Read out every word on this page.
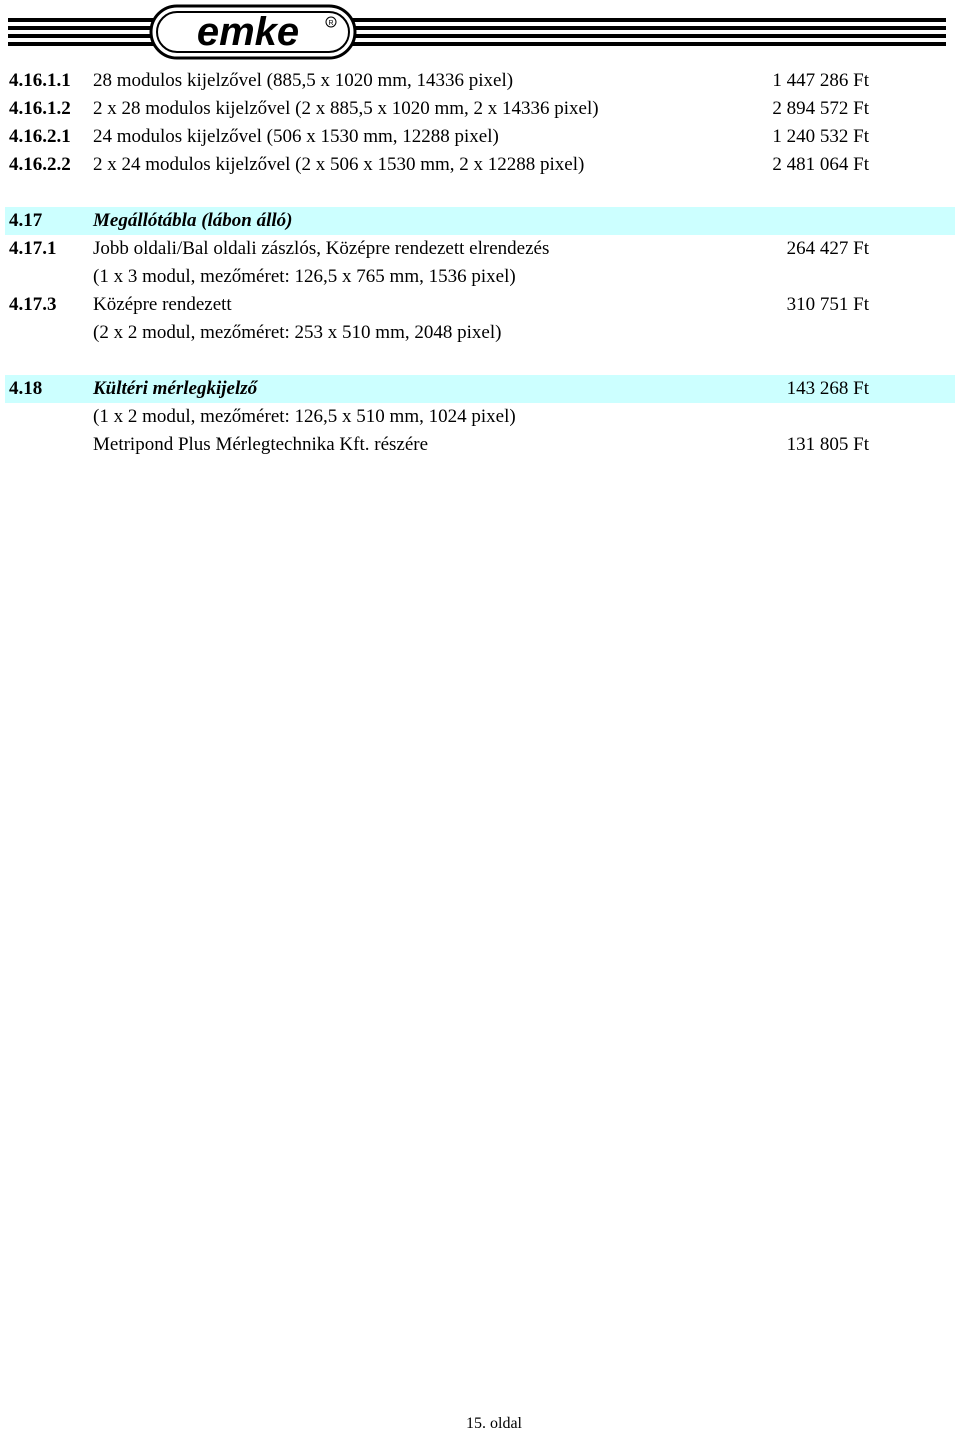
emke	R
4.16.1.1 28 modulos kijelzővel (885,5 x 1020 mm, 14336 pixel)	1 447 286 Ft
4.16.1.2 2 x 28 modulos kijelzővel (2 x 885,5 x 1020 mm, 2 x 14336 pixel)	2 894 572 Ft
4.16.2.1 24 modulos kijelzővel (506 x 1530 mm, 12288 pixel)	1 240 532 Ft
4.16.2.2 2 x 24 modulos kijelzővel (2 x 506 x 1530 mm, 2 x 12288 pixel)	2 481 064 Ft
4.17	Megállótábla (lábon álló)
4.17.1 Jobb oldali/Bal oldali zászlós, Középre rendezett elrendezés	264 427 Ft
(1 x 3 modul, mezőméret: 126,5 x 765 mm, 1536 pixel)
4.17.3 Középre rendezett	310 751 Ft
(2 x 2 modul, mezőméret: 253 x 510 mm, 2048 pixel)
4.18	Kültéri mérlegkijelző	143 268 Ft
(1 x 2 modul, mezőméret: 126,5 x 510 mm, 1024 pixel)
Metripond Plus Mérlegtechnika Kft. részére	131 805 Ft
15. oldal
